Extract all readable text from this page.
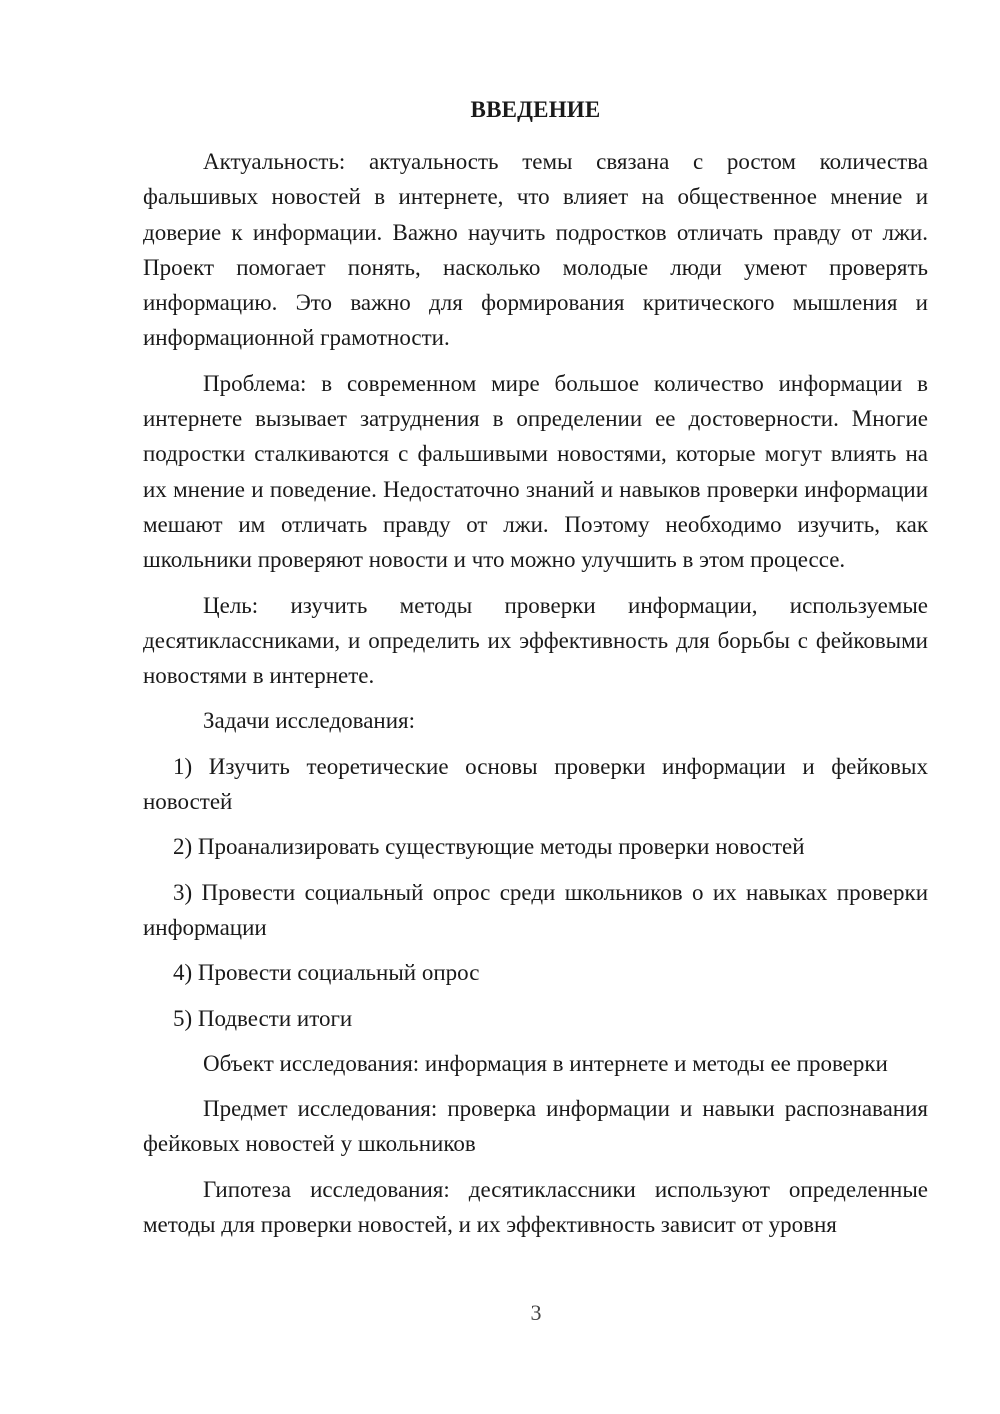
ВВЕДЕНИЕ

Актуальность: актуальность темы связана с ростом количества фальшивых новостей в интернете, что влияет на общественное мнение и доверие к информации. Важно научить подростков отличать правду от лжи. Проект помогает понять, насколько молодые люди умеют проверять информацию. Это важно для формирования критического мышления и информационной грамотности.

Проблема: в современном мире большое количество информации в интернете вызывает затруднения в определении ее достоверности. Многие подростки сталкиваются с фальшивыми новостями, которые могут влиять на их мнение и поведение. Недостаточно знаний и навыков проверки информации мешают им отличать правду от лжи. Поэтому необходимо изучить, как школьники проверяют новости и что можно улучшить в этом процессе.

Цель: изучить методы проверки информации, используемые десятиклассниками, и определить их эффективность для борьбы с фейковыми новостями в интернете.

Задачи исследования:

1) Изучить теоретические основы проверки информации и фейковых новостей

2) Проанализировать существующие методы проверки новостей

3) Провести социальный опрос среди школьников о их навыках проверки информации

4) Провести социальный опрос

5) Подвести итоги

Объект исследования: информация в интернете и методы ее проверки

Предмет исследования: проверка информации и навыки распознавания фейковых новостей у школьников

Гипотеза исследования: десятиклассники используют определенные методы для проверки новостей, и их эффективность зависит от уровня

3
